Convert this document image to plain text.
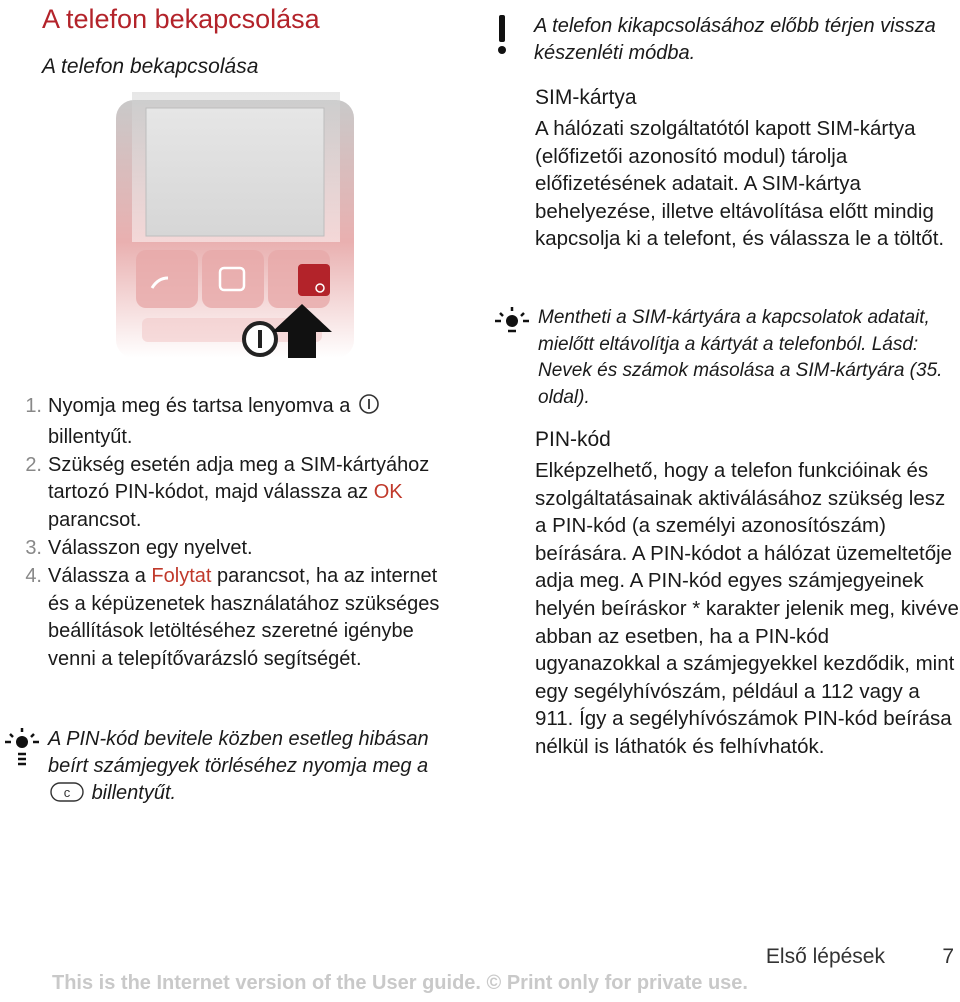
A telefon bekapcsolása
A telefon bekapcsolása
1. Nyomja meg és tartsa lenyomva a  billentyűt.
2. Szükség esetén adja meg a SIM-kártyához tartozó PIN-kódot, majd válassza az OK parancsot.
3. Válasszon egy nyelvet.
4. Válassza a Folytat parancsot, ha az internet és a képüzenetek használatához szükséges beállítások letöltéséhez szeretné igénybe venni a telepítővarázsló segítségét.
A PIN-kód bevitele közben esetleg hibásan beírt számjegyek törléséhez nyomja meg a
c billentyűt.
A telefon kikapcsolásához előbb térjen vissza készenléti módba.
SIM-kártya
A hálózati szolgáltatótól kapott SIM-kártya (előfizetői azonosító modul) tárolja előfizetésének adatait. A SIM-kártya behelyezése, illetve eltávolítása előtt mindig kapcsolja ki a telefont, és válassza le a töltőt.
Mentheti a SIM-kártyára a kapcsolatok adatait, mielőtt eltávolítja a kártyát a telefonból. Lásd: Nevek és számok másolása a SIM-kártyára (35. oldal).
PIN-kód
Elképzelhető, hogy a telefon funkcióinak és szolgáltatásainak aktiválásához szükség lesz a PIN-kód (a személyi azonosítószám) beírására. A PIN-kódot a hálózat üzemeltetője adja meg. A PIN-kód egyes számjegyeinek helyén beíráskor * karakter jelenik meg, kivéve abban az esetben, ha a PIN-kód ugyanazokkal a számjegyekkel kezdődik, mint egy segélyhívószám, például a 112 vagy a 911. Így a segélyhívószámok PIN-kód beírása nélkül is láthatók és felhívhatók.
Első lépések	7
This is the Internet version of the User guide. © Print only for private use.
